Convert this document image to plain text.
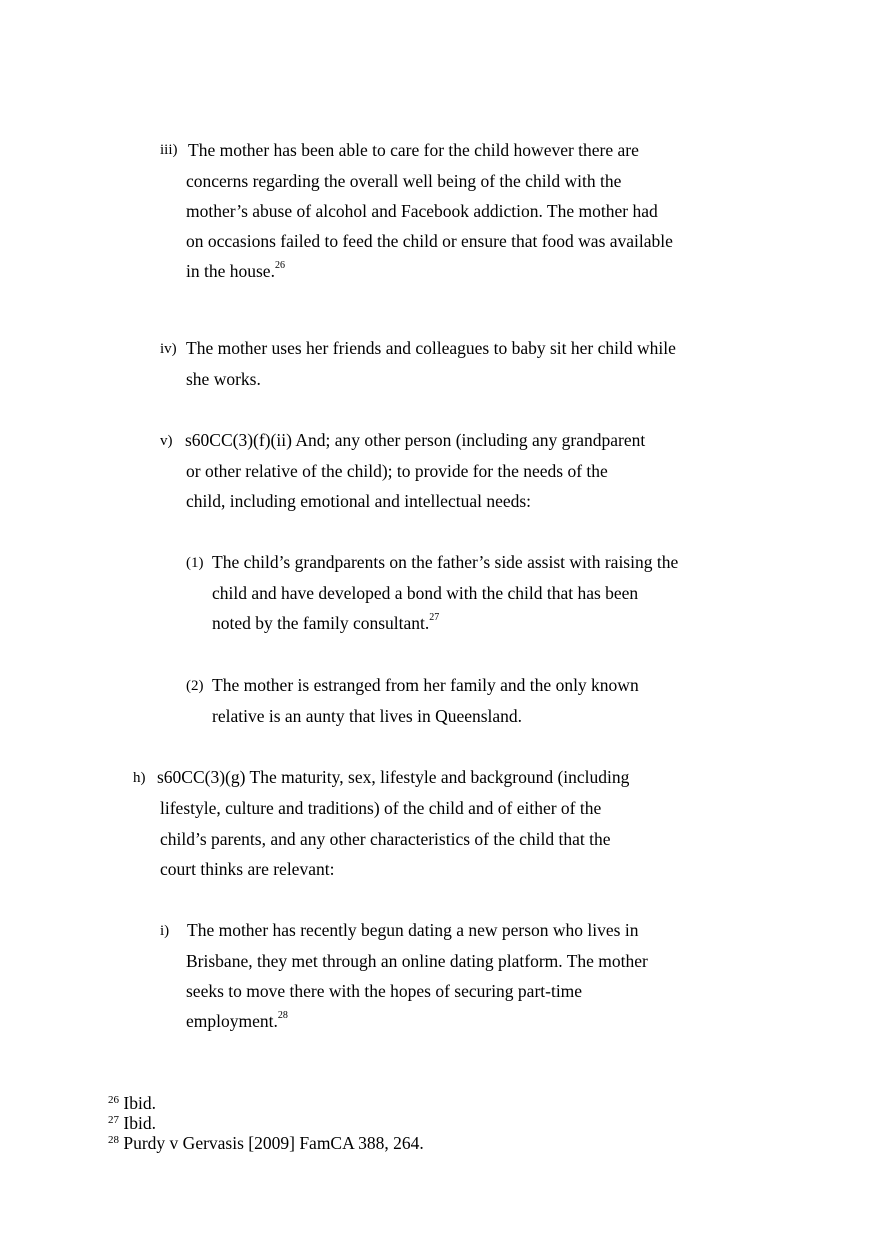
iii) The mother has been able to care for the child however there are
concerns regarding the overall well being of the child with the
mother’s abuse of alcohol and Facebook addiction. The mother had
on occasions failed to feed the child or ensure that food was available
in the house.$^{26}$
iv) The mother uses her friends and colleagues to baby sit her child while
she works.
v) s60CC(3)(f)(ii) And; any other person (including any grandparent
or other relative of the child); to provide for the needs of the
child, including emotional and intellectual needs:
(1) The child’s grandparents on the father’s side assist with raising the
child and have developed a bond with the child that has been
noted by the family consultant.$^{27}$
(2) The mother is estranged from her family and the only known
relative is an aunty that lives in Queensland.
h) s60CC(3)(g) The maturity, sex, lifestyle and background (including
lifestyle, culture and traditions) of the child and of either of the
child’s parents, and any other characteristics of the child that the
court thinks are relevant:
i) The mother has recently begun dating a new person who lives in
Brisbane, they met through an online dating platform. The mother
seeks to move there with the hopes of securing part-time
employment.$^{28}$
$^{26}$ Ibid.
$^{27}$ Ibid.
$^{28}$ Purdy v Gervasis [2009] FamCA 388, 264.
